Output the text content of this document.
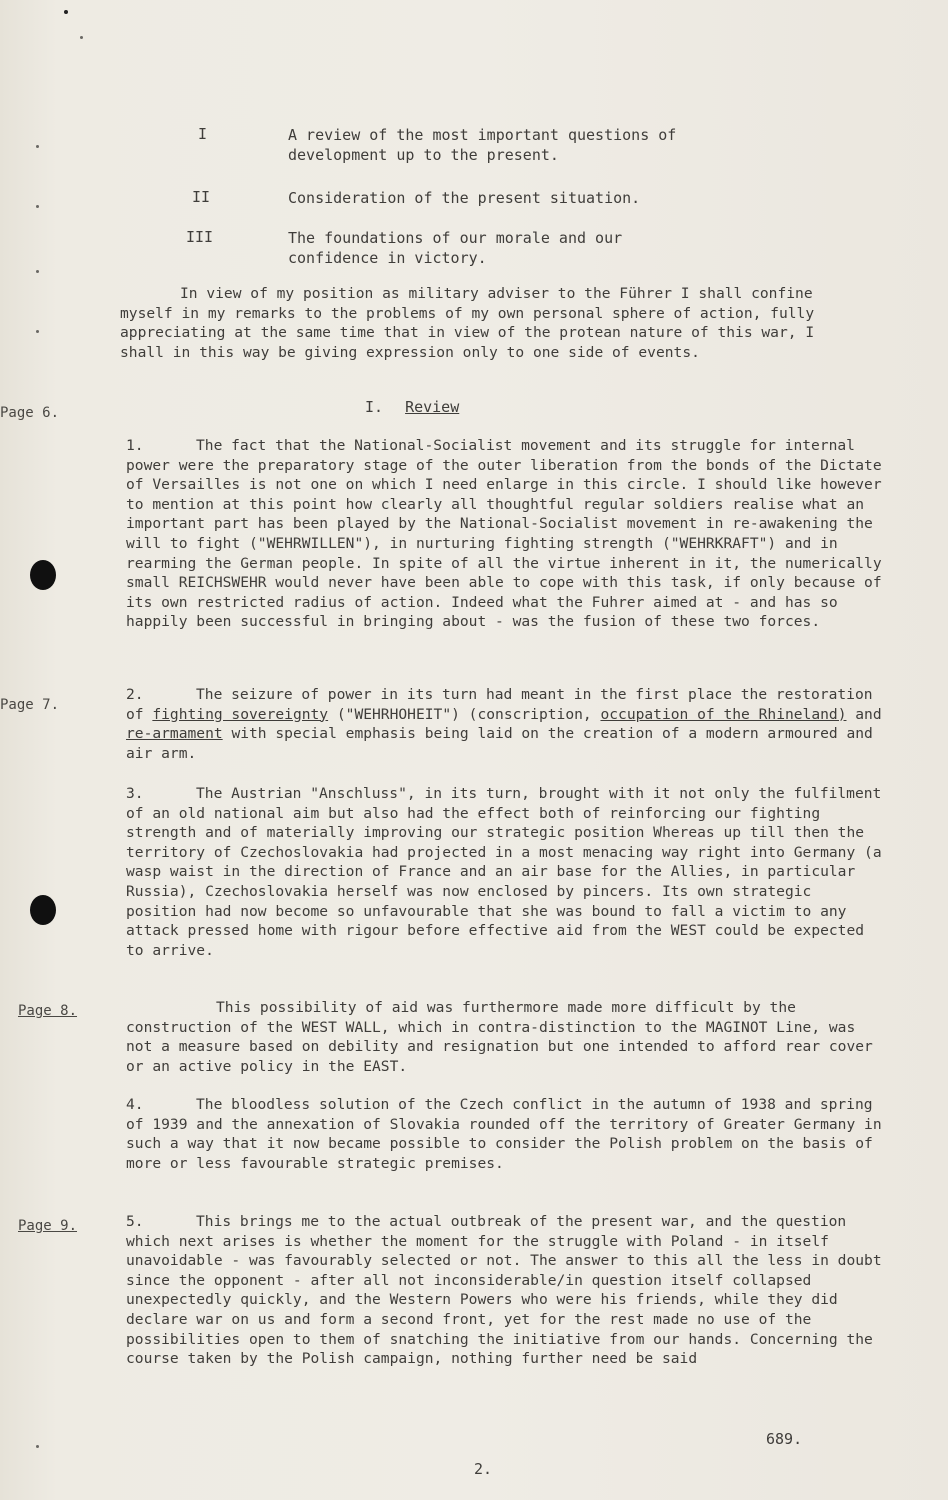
I	A review of the most important questions of development up to the present.
II	Consideration of the present situation.
III	The foundations of our morale and our confidence in victory.
In view of my position as military adviser to the Führer I shall confine myself in my remarks to the problems of my own personal sphere of action, fully appreciating at the same time that in view of the protean nature of this war, I shall in this way be giving expression only to one side of events.
I. Review
Page 6.
Page 7.
Page 8.
Page 9.
1.	The fact that the National-Socialist movement and its struggle for internal power were the preparatory stage of the outer liberation from the bonds of the Dictate of Versailles is not one on which I need enlarge in this circle. I should like however to mention at this point how clearly all thoughtful regular soldiers realise what an important part has been played by the National-Socialist movement in re-awakening the will to fight ("WEHRWILLEN"), in nurturing fighting strength ("WEHRKRAFT") and in rearming the German people. In spite of all the virtue inherent in it, the numerically small REICHSWEHR would never have been able to cope with this task, if only because of its own restricted radius of action. Indeed what the Fuhrer aimed at - and has so happily been successful in bringing about - was the fusion of these two forces.
2.	The seizure of power in its turn had meant in the first place the restoration of fighting sovereignty ("WEHRHOHEIT") (conscription, occupation of the Rhineland) and re-armament with special emphasis being laid on the creation of a modern armoured and air arm.
3.	The Austrian "Anschluss", in its turn, brought with it not only the fulfilment of an old national aim but also had the effect both of reinforcing our fighting strength and of materially improving our strategic position Whereas up till then the territory of Czechoslovakia had projected in a most menacing way right into Germany (a wasp waist in the direction of France and an air base for the Allies, in particular Russia), Czechoslovakia herself was now enclosed by pincers. Its own strategic position had now become so unfavourable that she was bound to fall a victim to any attack pressed home with rigour before effective aid from the WEST could be expected to arrive.
This possibility of aid was furthermore made more difficult by the construction of the WEST WALL, which in contra-distinction to the MAGINOT Line, was not a measure based on debility and resignation but one intended to afford rear cover or an active policy in the EAST.
4.	The bloodless solution of the Czech conflict in the autumn of 1938 and spring of 1939 and the annexation of Slovakia rounded off the territory of Greater Germany in such a way that it now became possible to consider the Polish problem on the basis of more or less favourable strategic premises.
5.	This brings me to the actual outbreak of the present war, and the question which next arises is whether the moment for the struggle with Poland - in itself unavoidable - was favourably selected or not. The answer to this all the less in doubt since the opponent - after all not inconsiderable/in question itself collapsed unexpectedly quickly, and the Western Powers who were his friends, while they did declare war on us and form a second front, yet for the rest made no use of the possibilities open to them of snatching the initiative from our hands. Concerning the course taken by the Polish campaign, nothing further need be said
689.
2.
